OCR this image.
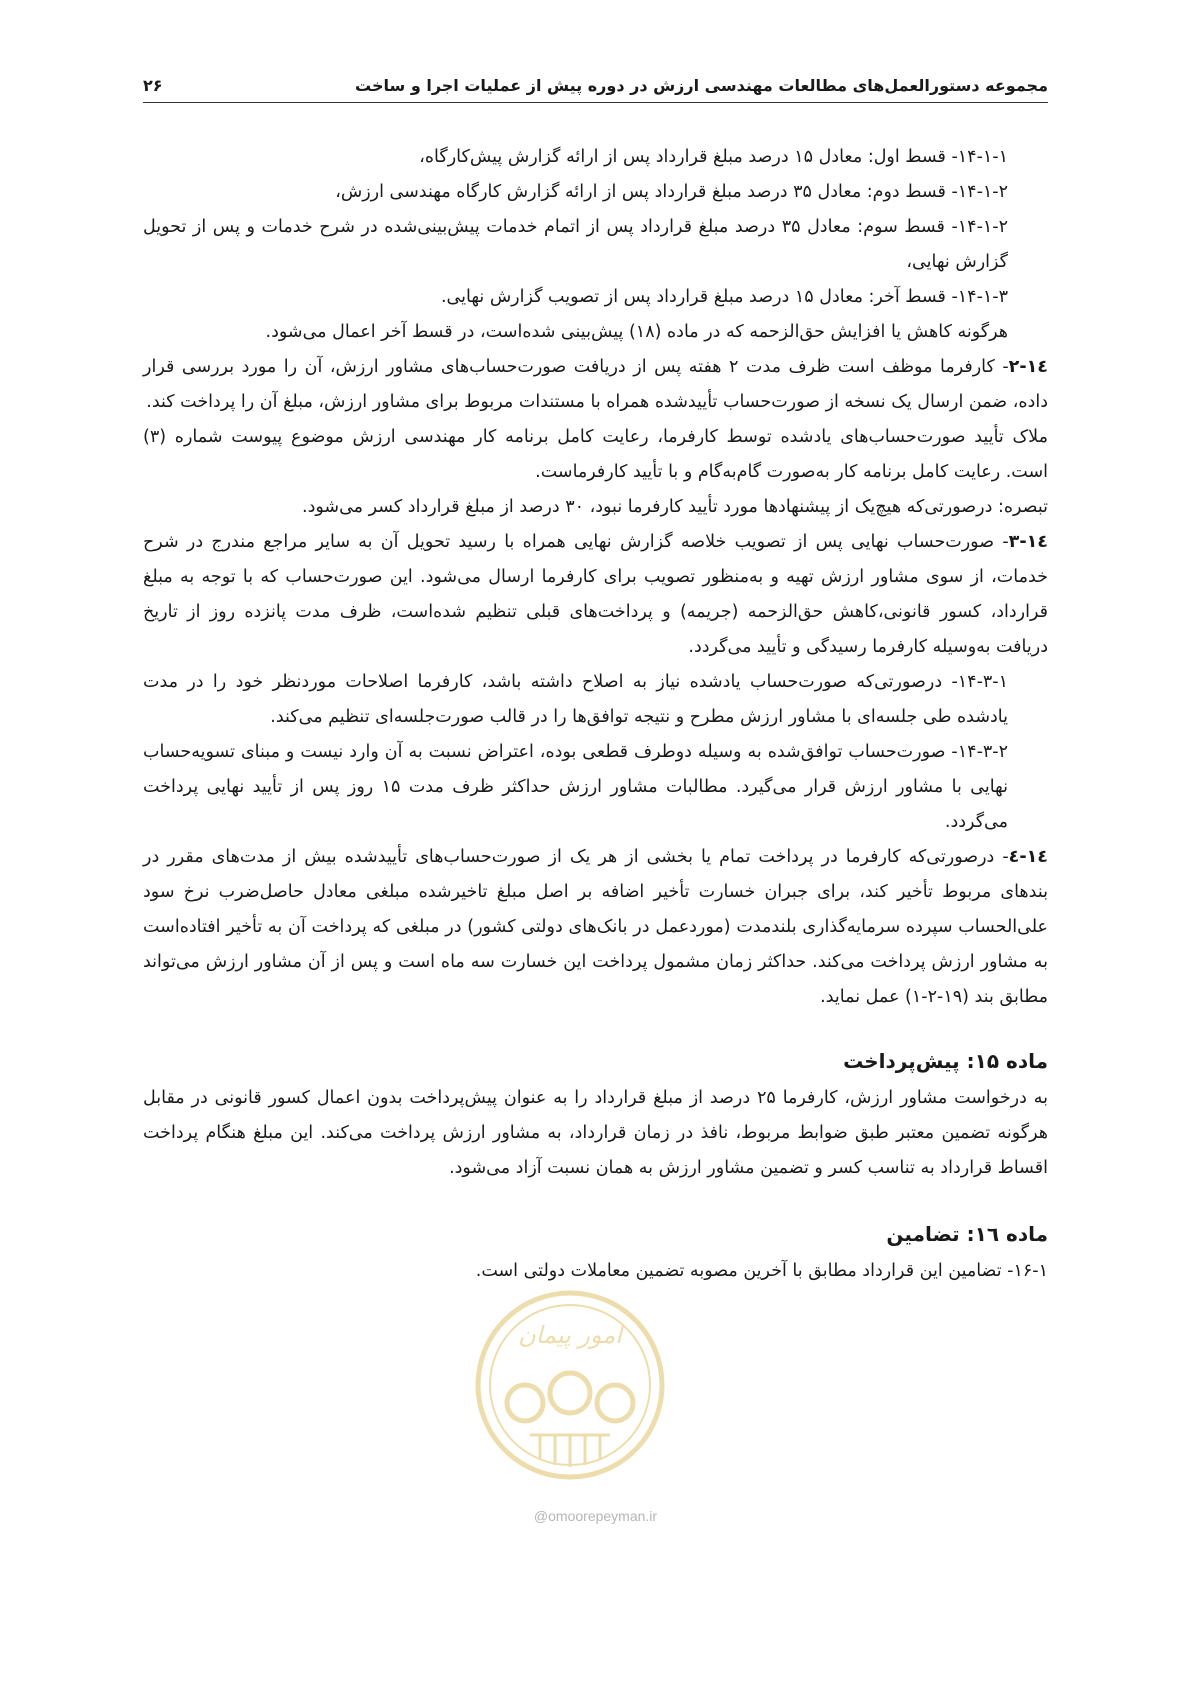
مجموعه دستورالعمل‌های مطالعات مهندسی ارزش در دوره پیش از عملیات اجرا و ساخت
۲۶

۱۴-۱-۱- قسط اول: معادل ۱۵ درصد مبلغ قرارداد پس از ارائه گزارش پیش‌کارگاه،

۱۴-۱-۲- قسط دوم: معادل ۳۵ درصد مبلغ قرارداد پس از ارائه گزارش کارگاه مهندسی ارزش،

۱۴-۱-۲- قسط سوم: معادل ۳۵ درصد مبلغ قرارداد پس از اتمام خدمات پیش‌بینی‌شده در شرح خدمات و پس از تحویل گزارش نهایی،

۱۴-۱-۳- قسط آخر: معادل ۱۵ درصد مبلغ قرارداد پس از تصویب گزارش نهایی.

هرگونه کاهش یا افزایش حق‌الزحمه که در ماده (۱۸) پیش‌بینی شده‌است، در قسط آخر اعمال می‌شود.

۱٤-۲- کارفرما موظف است ظرف مدت ۲ هفته پس از دریافت صورت‌حساب‌های مشاور ارزش، آن را مورد بررسی قرار داده، ضمن ارسال یک نسخه از صورت‌حساب تأییدشده همراه با مستندات مربوط برای مشاور ارزش، مبلغ آن را پرداخت کند.

ملاک تأیید صورت‌حساب‌های یادشده توسط کارفرما، رعایت کامل برنامه کار مهندسی ارزش موضوع پیوست شماره (۳) است. رعایت کامل برنامه کار به‌صورت گام‌به‌گام و با تأیید کارفرماست.

تبصره: درصورتی‌که هیچ‌یک از پیشنهادها مورد تأیید کارفرما نبود، ۳۰ درصد از مبلغ قرارداد کسر می‌شود.

۱٤-۳- صورت‌حساب نهایی پس از تصویب خلاصه گزارش نهایی همراه با رسید تحویل آن به سایر مراجع مندرج در شرح خدمات، از سوی مشاور ارزش تهیه و به‌منظور تصویب برای کارفرما ارسال می‌شود. این صورت‌حساب که با توجه به مبلغ قرارداد، کسور قانونی،کاهش حق‌الزحمه (جریمه) و پرداخت‌های قبلی تنظیم شده‌است، ظرف مدت پانزده روز از تاریخ دریافت به‌وسیله کارفرما رسیدگی و تأیید می‌گردد.

۱۴-۳-۱- درصورتی‌که صورت‌حساب یادشده نیاز به اصلاح داشته باشد، کارفرما اصلاحات موردنظر خود را در مدت یادشده طی جلسه‌ای با مشاور ارزش مطرح و نتیجه توافق‌ها را در قالب صورت‌جلسه‌ای تنظیم می‌کند.

۱۴-۳-۲- صورت‌حساب توافق‌شده به وسیله دوطرف قطعی بوده، اعتراض نسبت به آن وارد نیست و مبنای تسویه‌حساب نهایی با مشاور ارزش قرار می‌گیرد. مطالبات مشاور ارزش حداکثر ظرف مدت ۱۵ روز پس از تأیید نهایی پرداخت می‌گردد.

۱٤-٤- درصورتی‌که کارفرما در پرداخت تمام یا بخشی از هر یک از صورت‌حساب‌های تأییدشده بیش از مدت‌های مقرر در بندهای مربوط تأخیر کند، برای جبران خسارت تأخیر اضافه بر اصل مبلغ تاخیرشده مبلغی معادل حاصل‌ضرب نرخ سود علی‌الحساب سپرده سرمایه‌گذاری بلندمدت (مورد‌عمل در بانک‌های دولتی کشور) در مبلغی که پرداخت آن به تأخیر افتاده‌است به مشاور ارزش پرداخت می‌کند. حداکثر زمان مشمول پرداخت این خسارت سه ماه است و پس از آن مشاور ارزش می‌تواند مطابق بند (۱۹-۲-۱) عمل نماید.

ماده ۱۵: پیش‌پرداخت

به درخواست مشاور ارزش، کارفرما ۲۵ درصد از مبلغ قرارداد را به عنوان پیش‌پرداخت بدون اعمال کسور قانونی در مقابل هرگونه تضمین معتبر طبق ضوابط مربوط، نافذ در زمان قرارداد، به مشاور ارزش پرداخت می‌کند. این مبلغ هنگام پرداخت اقساط قرارداد به تناسب کسر و تضمین مشاور ارزش به همان نسبت آزاد می‌شود.

ماده ١٦: تضامین

۱۶-۱- تضامین این قرارداد مطابق با آخرین مصوبه تضمین معاملات دولتی است.

امور پیمان
@omoorepeyman.ir
